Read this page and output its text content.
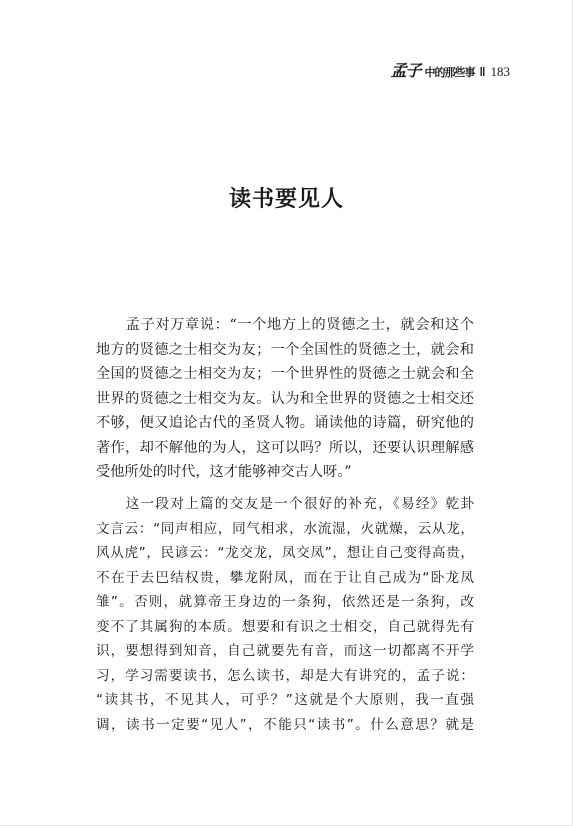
孟子 中的那些事 ‖ 183
读书要见人

　　孟子对万章说：“一个地方上的贤德之士，就会和这个
地方的贤德之士相交为友；一个全国性的贤德之士，就会和
全国的贤德之士相交为友；一个世界性的贤德之士就会和全
世界的贤德之士相交为友。认为和全世界的贤德之士相交还
不够，便又追论古代的圣贤人物。诵读他的诗篇，研究他的
著作，却不解他的为人，这可以吗？所以，还要认识理解感
受他所处的时代，这才能够神交古人呀。”

　　这一段对上篇的交友是一个很好的补充，《易经》乾卦
文言云：“同声相应，同气相求，水流湿，火就燥，云从龙，
风从虎”，民谚云：“龙交龙，凤交凤”，想让自己变得高贵，
不在于去巴结权贵，攀龙附凤，而在于让自己成为“卧龙凤
雏”。否则，就算帝王身边的一条狗，依然还是一条狗，改
变不了其属狗的本质。想要和有识之士相交，自己就得先有
识，要想得到知音，自己就要先有音，而这一切都离不开学
习，学习需要读书，怎么读书，却是大有讲究的，孟子说：
“读其书，不见其人，可乎？”这就是个大原则，我一直强
调，读书一定要“见人”，不能只“读书”。什么意思？就是
